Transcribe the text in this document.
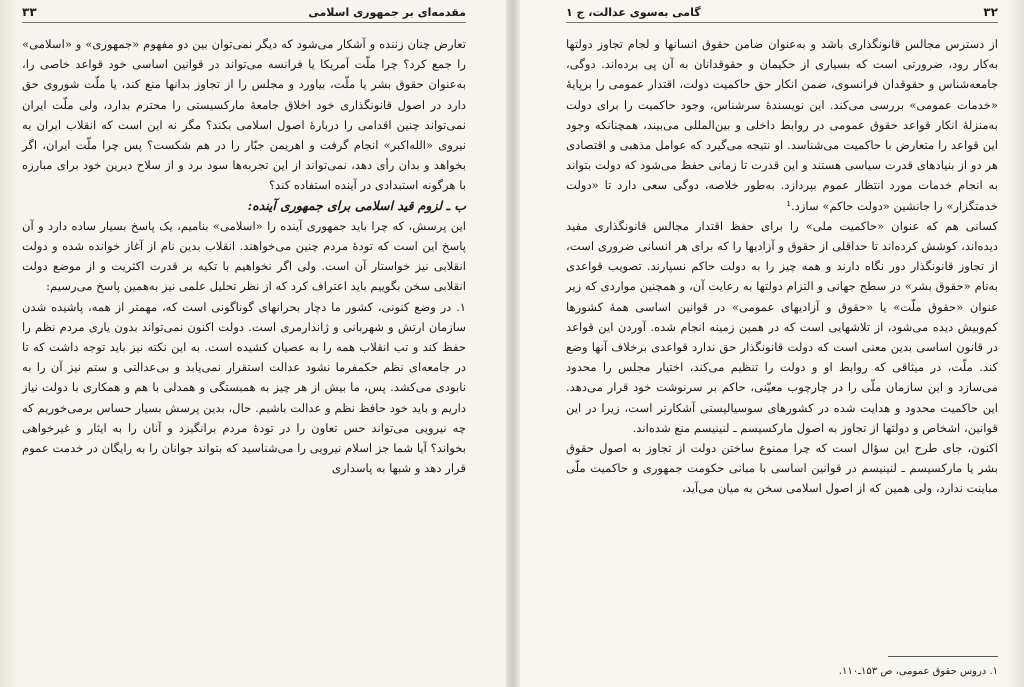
مقدمه‌ای بر جمهوری اسلامی
۳۳

تعارض چنان زننده و آشکار می‌شود که دیگر نمی‌توان بین دو مفهوم «جمهوری» و «اسلامی» را جمع کرد؟ چرا ملّت آمریکا یا فرانسه می‌تواند در قوانین اساسی خود قواعد خاصی را، به‌عنوان حقوق بشر یا ملّت، بیاورد و مجلس را از تجاوز بدانها منع کند، یا ملّت شوروی حق دارد در اصول قانونگذاری خود اخلاق جامعهٔ مارکسیستی را محترم بدارد، ولی ملّت ایران نمی‌تواند چنین اقدامی را دربارهٔ اصول اسلامی بکند؟ مگر نه این است که انقلاب ایران به نیروی «الله‌اکبر» انجام گرفت و اهریمن جبّار را در هم شکست؟ پس چرا ملّت ایران، اگر بخواهد و بدان رأی دهد، نمی‌تواند از این تجربه‌ها سود برد و از سلاح دیرین خود برای مبارزه با هرگونه استبدادی در آینده استفاده کند؟

ب ـ لزوم قید اسلامی برای جمهوری آینده:

این پرسش، که چرا باید جمهوری آینده را «اسلامی» بنامیم، یک پاسخ بسیار ساده دارد و آن پاسخ این است که تودهٔ مردم چنین می‌خواهند. انقلاب بدین نام از آغاز خوانده شده و دولت انقلابی نیز خواستار آن است. ولی اگر نخواهیم با تکیه بر قدرت اکثریت و از موضع دولت انقلابی سخن بگوییم باید اعتراف کرد که از نظر تحلیل علمی نیز به‌همین پاسخ می‌رسیم:

۱. در وضع کنونی، کشور ما دچار بحرانهای گوناگونی است که، مهمتر از همه، پاشیده شدن سازمان ارتش و شهربانی و ژاندارمری است. دولت اکنون نمی‌تواند بدون یاری مردم نظم را حفظ کند و تب انقلاب همه را به عصیان کشیده است. به این نکته نیز باید توجه داشت که تا در جامعه‌ای نظم حکمفرما نشود عدالت استقرار نمی‌یابد و بی‌عدالتی و ستم نیز آن را به نابودی می‌کشد. پس، ما بیش از هر چیز به همبستگی و همدلی با هم و همکاری با دولت نیاز داریم و باید خود حافظ نظم و عدالت باشیم. حال، بدین پرسش بسیار حساس برمی‌خوریم که چه نیرویی می‌تواند حس تعاون را در تودهٔ مردم برانگیزد و آنان را به ایثار و غیرخواهی بخواند؟ آیا شما جز اسلام نیرویی را می‌شناسید که بتواند جوانان را به رایگان در خدمت عموم قرار دهد و شبها به پاسداری

۳۲
گامی به‌سوی عدالت، ج ۱

از دسترس مجالس قانونگذاری باشد و به‌عنوان ضامن حقوق انسانها و لجام تجاوز دولتها به‌کار رود، ضرورتی است که بسیاری از حکیمان و حقوقدانان به آن پی برده‌اند. دوگی، جامعه‌شناس و حقوقدان فرانسوی، ضمن انکار حق حاکمیت دولت، اقتدار عمومی را برپایهٔ «خدمات عمومی» بررسی می‌کند. این نویسندهٔ سرشناس، وجود حاکمیت را برای دولت به‌منزلهٔ انکار قواعد حقوق عمومی در روابط داخلی و بین‌المللی می‌بیند، همچنانکه وجود این قواعد را متعارض با حاکمیت می‌شناسد. او نتیجه می‌گیرد که عوامل مذهبی و اقتصادی هر دو از بنیادهای قدرت سیاسی هستند و این قدرت تا زمانی حفظ می‌شود که دولت بتواند به انجام خدمات مورد انتظار عموم بپردازد. به‌طور خلاصه، دوگی سعی دارد تا «دولت خدمتگزار» را جانشین «دولت حاکم» سازد.¹

کسانی هم که عنوان «حاکمیت ملی» را برای حفظ اقتدار مجالس قانونگذاری مفید دیده‌اند، کوشش کرده‌اند تا حداقلی از حقوق و آزادیها را که برای هر انسانی ضروری است، از تجاوز قانونگذار دور نگاه دارند و همه چیز را به دولت حاکم نسپارند. تصویب قواعدی به‌نام «حقوق بشر» در سطح جهانی و التزام دولتها به رعایت آن، و همچنین مواردی که زیر عنوان «حقوق ملّت» یا «حقوق و آزادیهای عمومی» در قوانین اساسی همهٔ کشورها کم‌وبیش دیده می‌شود، از تلاشهایی است که در همین زمینه انجام شده. آوردن این قواعد در قانون اساسی بدین معنی است که دولت قانونگذار حق ندارد قواعدی برخلاف آنها وضع کند. ملّت، در میثاقی که روابط او و دولت را تنظیم می‌کند، اختیار مجلس را محدود می‌سازد و این سازمان ملّی را در چارچوب معیّنی، حاکم بر سرنوشت خود قرار می‌دهد. این حاکمیت محدود و هدایت شده در کشورهای سوسیالیستی آشکارتر است، زیرا در این قوانین، اشخاص و دولتها از تجاوز به اصول مارکسیسم ـ لنینیسم منع شده‌اند.

اکنون، جای طرح این سؤال است که چرا ممنوع ساختن دولت از تجاوز به اصول حقوق بشر یا مارکسیسم ـ لنینیسم در قوانین اساسی با مبانی حکومت جمهوری و حاکمیت ملّی مباینت ندارد، ولی همین که از اصول اسلامی سخن به میان می‌آید،

۱. دروس حقوق عمومی، ص ۱۵۳ـ۱۱۰.
